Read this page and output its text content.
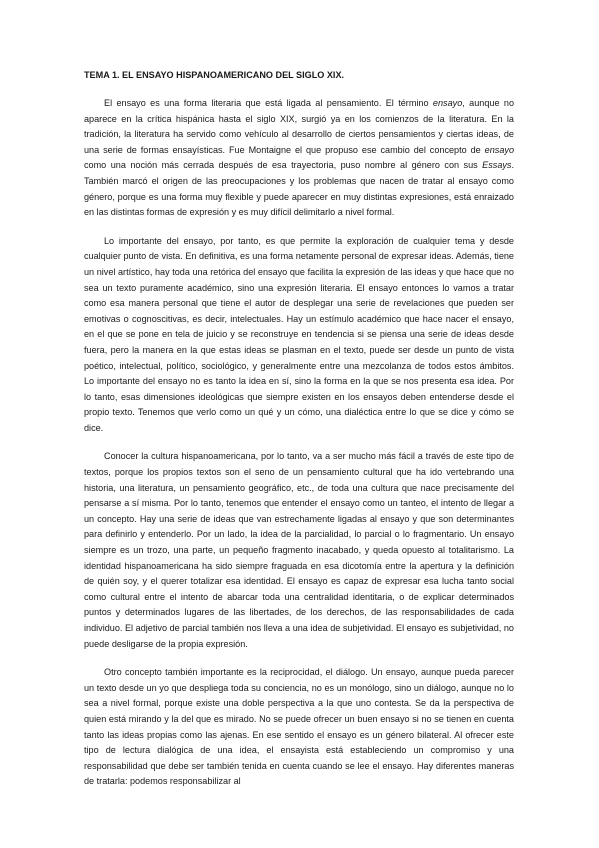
TEMA 1. EL ENSAYO HISPANOAMERICANO DEL SIGLO XIX.

El ensayo es una forma literaria que está ligada al pensamiento. El término ensayo, aunque no aparece en la crítica hispánica hasta el siglo XIX, surgió ya en los comienzos de la literatura. En la tradición, la literatura ha servido como vehículo al desarrollo de ciertos pensamientos y ciertas ideas, de una serie de formas ensayísticas. Fue Montaigne el que propuso ese cambio del concepto de ensayo como una noción más cerrada después de esa trayectoria, puso nombre al género con sus Essays. También marcó el origen de las preocupaciones y los problemas que nacen de tratar al ensayo como género, porque es una forma muy flexible y puede aparecer en muy distintas expresiones, está enraizado en las distintas formas de expresión y es muy difícil delimitarlo a nivel formal.

Lo importante del ensayo, por tanto, es que permite la exploración de cualquier tema y desde cualquier punto de vista. En definitiva, es una forma netamente personal de expresar ideas. Además, tiene un nivel artístico, hay toda una retórica del ensayo que facilita la expresión de las ideas y que hace que no sea un texto puramente académico, sino una expresión literaria. El ensayo entonces lo vamos a tratar como esa manera personal que tiene el autor de desplegar una serie de revelaciones que pueden ser emotivas o cognoscitivas, es decir, intelectuales. Hay un estímulo académico que hace nacer el ensayo, en el que se pone en tela de juicio y se reconstruye en tendencia si se piensa una serie de ideas desde fuera, pero la manera en la que estas ideas se plasman en el texto, puede ser desde un punto de vista poético, intelectual, político, sociológico, y generalmente entre una mezcolanza de todos estos ámbitos. Lo importante del ensayo no es tanto la idea en sí, sino la forma en la que se nos presenta esa idea. Por lo tanto, esas dimensiones ideológicas que siempre existen en los ensayos deben entenderse desde el propio texto. Tenemos que verlo como un qué y un cómo, una dialéctica entre lo que se dice y cómo se dice.

Conocer la cultura hispanoamericana, por lo tanto, va a ser mucho más fácil a través de este tipo de textos, porque los propios textos son el seno de un pensamiento cultural que ha ido vertebrando una historia, una literatura, un pensamiento geográfico, etc., de toda una cultura que nace precisamente del pensarse a sí misma. Por lo tanto, tenemos que entender el ensayo como un tanteo, el intento de llegar a un concepto. Hay una serie de ideas que van estrechamente ligadas al ensayo y que son determinantes para definirlo y entenderlo. Por un lado, la idea de la parcialidad, lo parcial o lo fragmentario. Un ensayo siempre es un trozo, una parte, un pequeño fragmento inacabado, y queda opuesto al totalitarismo. La identidad hispanoamericana ha sido siempre fraguada en esa dicotomía entre la apertura y la definición de quién soy, y el querer totalizar esa identidad. El ensayo es capaz de expresar esa lucha tanto social como cultural entre el intento de abarcar toda una centralidad identitaria, o de explicar determinados puntos y determinados lugares de las libertades, de los derechos, de las responsabilidades de cada individuo. El adjetivo de parcial también nos lleva a una idea de subjetividad. El ensayo es subjetividad, no puede desligarse de la propia expresión.

Otro concepto también importante es la reciprocidad, el diálogo. Un ensayo, aunque pueda parecer un texto desde un yo que despliega toda su conciencia, no es un monólogo, sino un diálogo, aunque no lo sea a nivel formal, porque existe una doble perspectiva a la que uno contesta. Se da la perspectiva de quien está mirando y la del que es mirado. No se puede ofrecer un buen ensayo si no se tienen en cuenta tanto las ideas propias como las ajenas. En ese sentido el ensayo es un género bilateral. Al ofrecer este tipo de lectura dialógica de una idea, el ensayista está estableciendo un compromiso y una responsabilidad que debe ser también tenida en cuenta cuando se lee el ensayo. Hay diferentes maneras de tratarla: podemos responsabilizar al
